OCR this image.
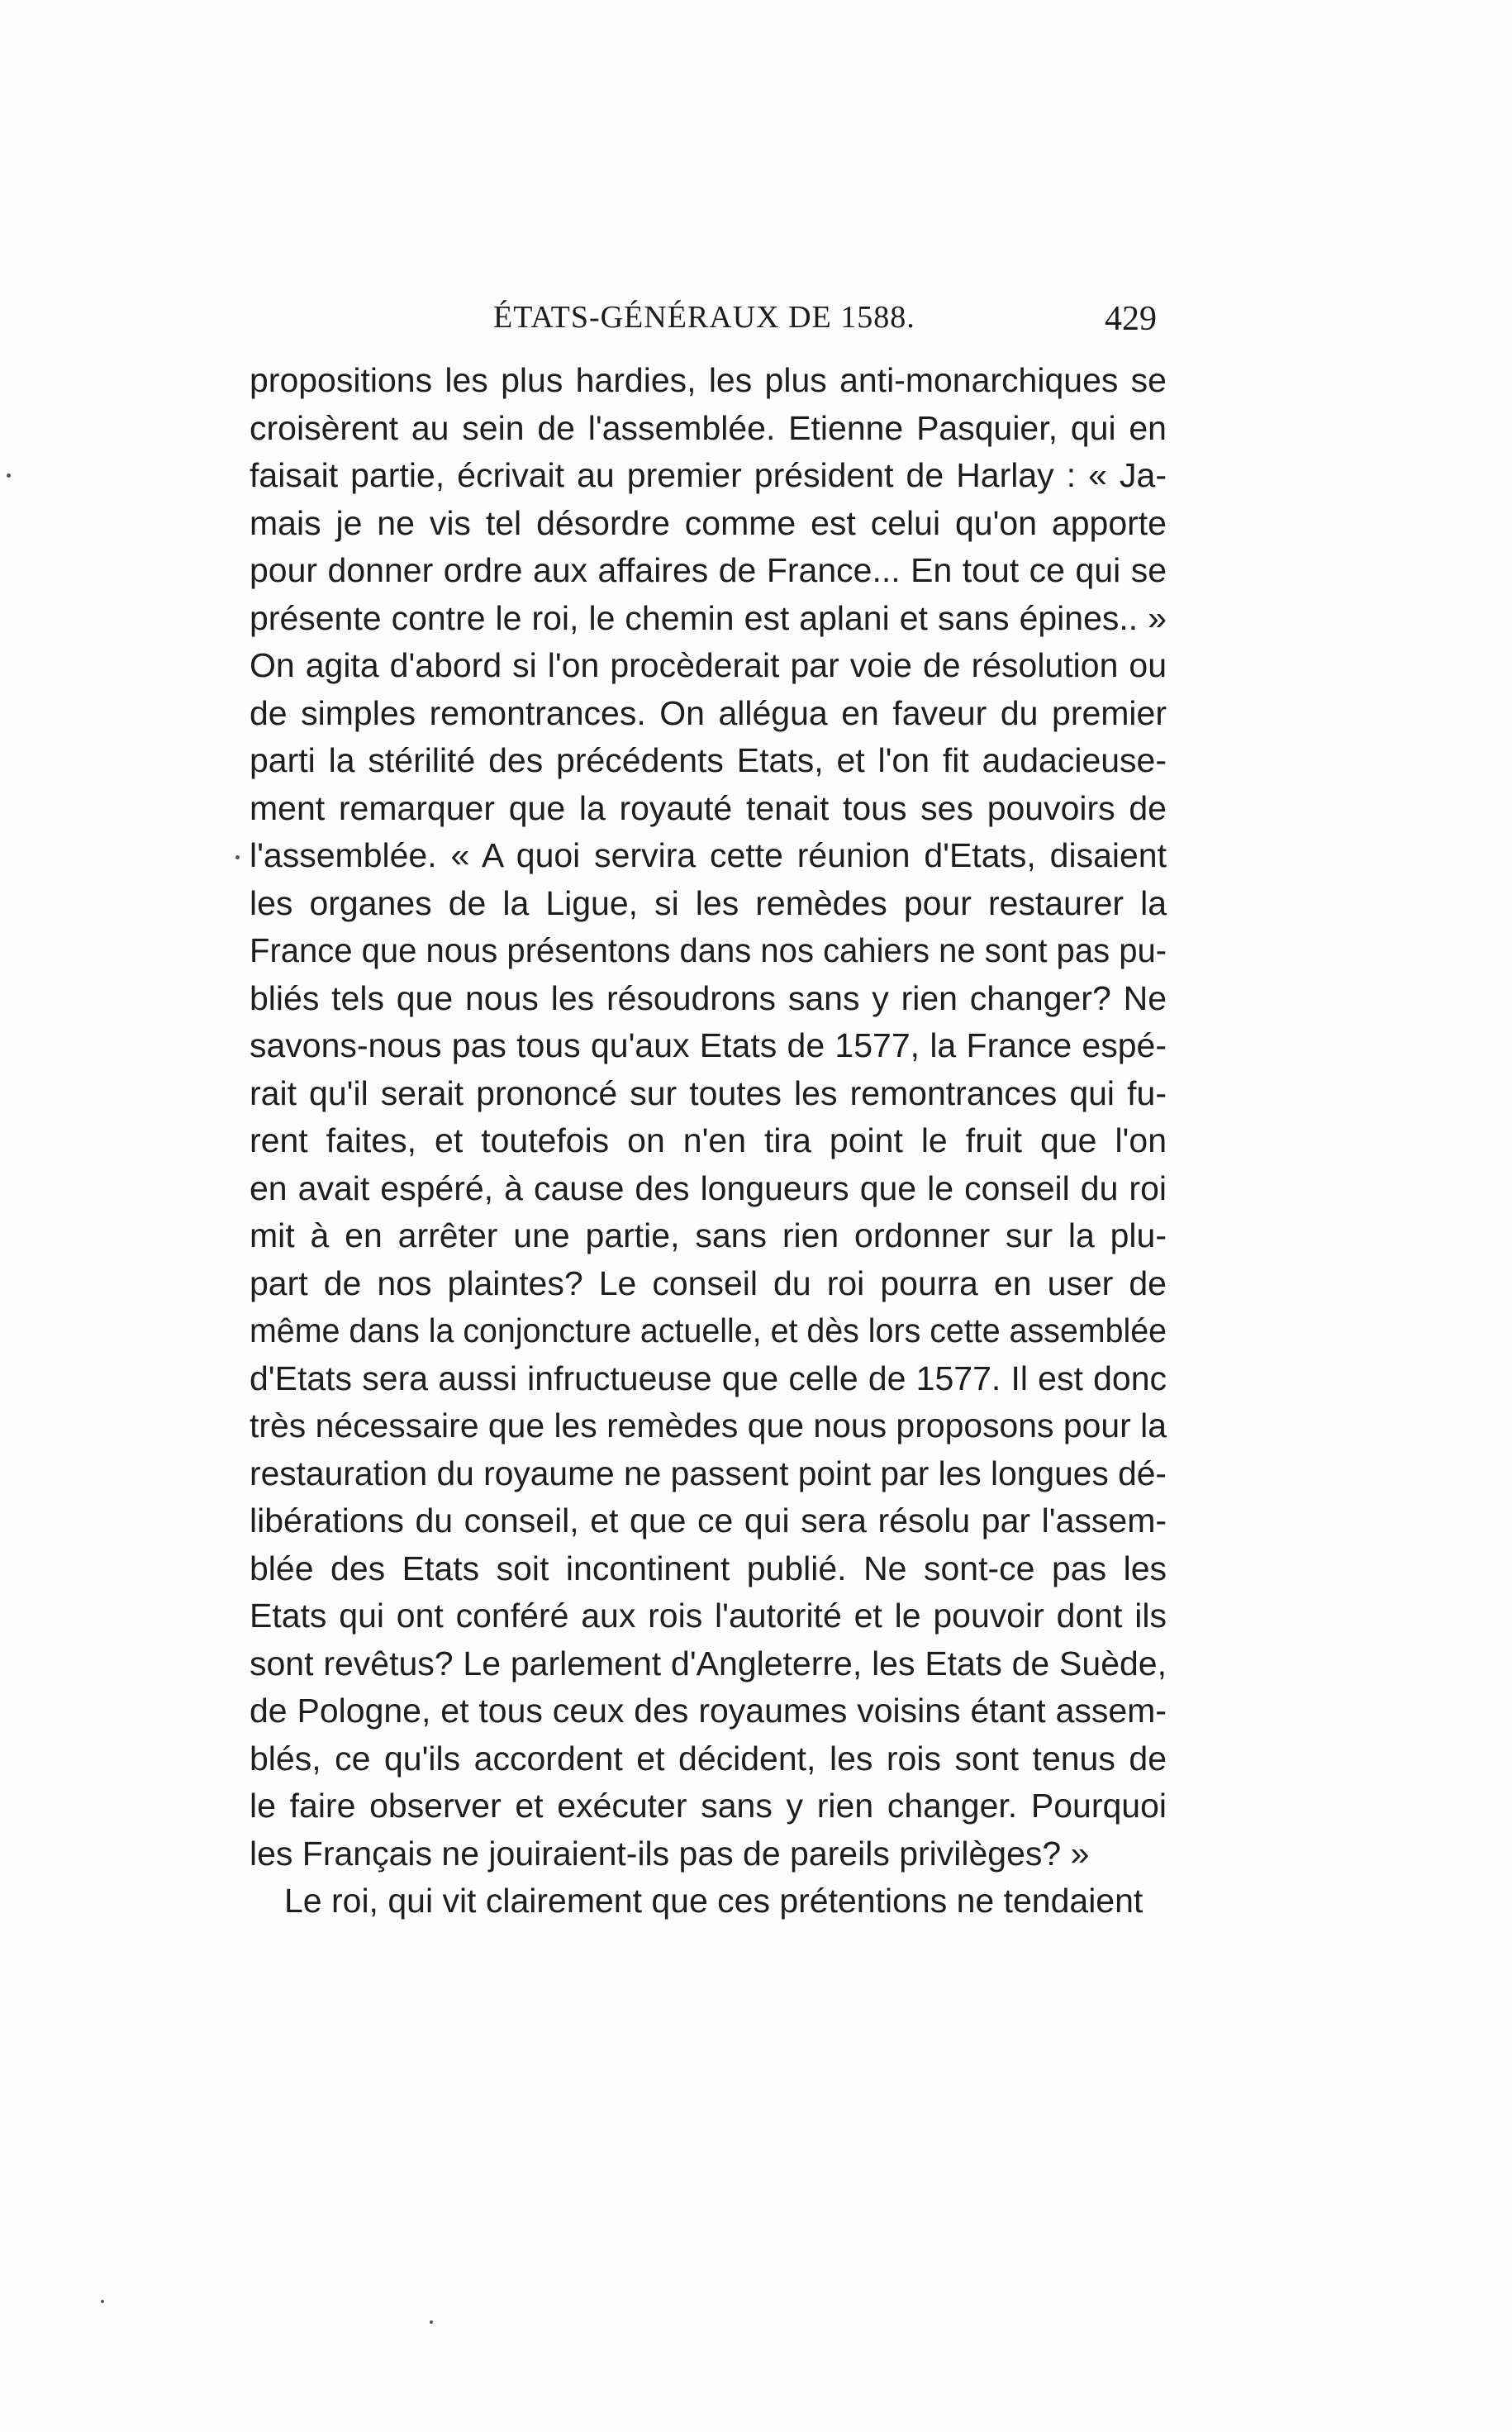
ÉTATS-GÉNÉRAUX DE 1588.	429
propositions les plus hardies, les plus anti-monarchiques se
croisèrent au sein de l'assemblée. Etienne Pasquier, qui en
faisait partie, écrivait au premier président de Harlay : « Ja-
mais je ne vis tel désordre comme est celui qu'on apporte
pour donner ordre aux affaires de France... En tout ce qui se
présente contre le roi, le chemin est aplani et sans épines.. »
On agita d'abord si l'on procèderait par voie de résolution ou
de simples remontrances. On allégua en faveur du premier
parti la stérilité des précédents Etats, et l'on fit audacieuse-
ment remarquer que la royauté tenait tous ses pouvoirs de
l'assemblée. « A quoi servira cette réunion d'Etats, disaient
les organes de la Ligue, si les remèdes pour restaurer la
France que nous présentons dans nos cahiers ne sont pas pu-
bliés tels que nous les résoudrons sans y rien changer? Ne
savons-nous pas tous qu'aux Etats de 1577, la France espé-
rait qu'il serait prononcé sur toutes les remontrances qui fu-
rent faites, et toutefois on n'en tira point le fruit que l'on
en avait espéré, à cause des longueurs que le conseil du roi
mit à en arrêter une partie, sans rien ordonner sur la plu-
part de nos plaintes? Le conseil du roi pourra en user de
même dans la conjoncture actuelle, et dès lors cette assemblée
d'Etats sera aussi infructueuse que celle de 1577. Il est donc
très nécessaire que les remèdes que nous proposons pour la
restauration du royaume ne passent point par les longues dé-
libérations du conseil, et que ce qui sera résolu par l'assem-
blée des Etats soit incontinent publié. Ne sont-ce pas les
Etats qui ont conféré aux rois l'autorité et le pouvoir dont ils
sont revêtus? Le parlement d'Angleterre, les Etats de Suède,
de Pologne, et tous ceux des royaumes voisins étant assem-
blés, ce qu'ils accordent et décident, les rois sont tenus de
le faire observer et exécuter sans y rien changer. Pourquoi
les Français ne jouiraient-ils pas de pareils privilèges? »
Le roi, qui vit clairement que ces prétentions ne tendaient
